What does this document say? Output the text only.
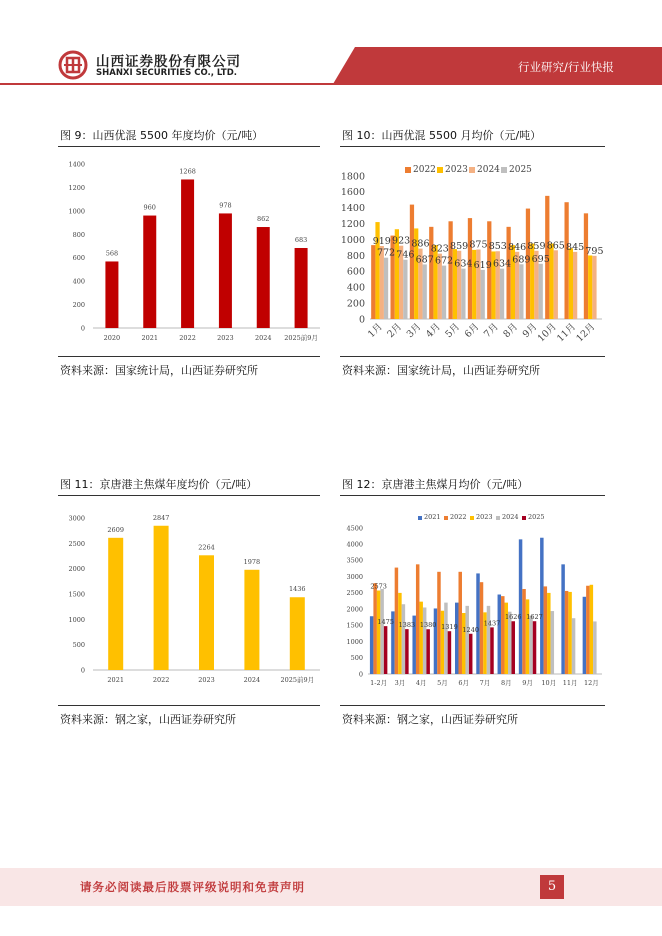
山西证券股份有限公司
SHANXI SECURITIES CO., LTD.	行业研究/行业快报
图 9：山西优混 5500 年度均价（元/吨）
0
200
400
600
800
1000
1200
1400
568
2020
960
2021
1268
2022
978
2023
862
2024
683
2025前9月
资料来源：国家统计局，山西证券研究所
图 10：山西优混 5500 月均价（元/吨）
0
200
400
600
800
1000
1200
1400
1600
1800
919
772
923
746
886
687
823
672
859
634
875
619
853
634
846
689
859
695
865 845 795
1月 2月 3月 4月 5月 6月 7月 8月 9月
10月
11月
12月
2022 2023 2024 2025
资料来源：国家统计局，山西证券研究所
图 11：京唐港主焦煤年度均价（元/吨）
0
500
1000
1500
2000
2500
3000
2609
2021
2847
2022
2264
2023
1978
2024
1436
2025前9月
资料来源：钢之家，山西证券研究所
图 12：京唐港主焦煤月均价（元/吨）
0
500
1000
1500
2000
2500
3000
3500
4000
4500
2573
1475 1383 1380 1319 1240
1437
1626 1627
1-2月 3月 4月 5月 6月 7月 8月 9月 10月 11月 12月
2021 2022 2023 2024 2025
资料来源：钢之家，山西证券研究所
请务必阅读最后股票评级说明和免责声明	5
